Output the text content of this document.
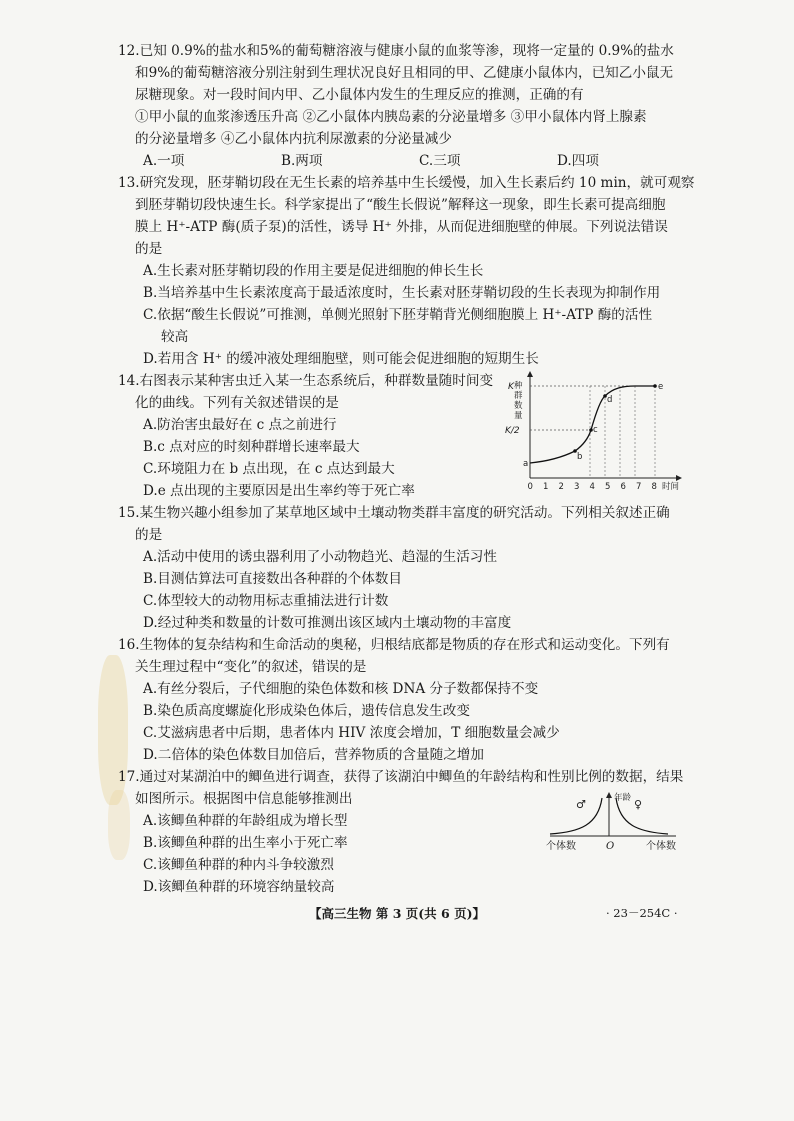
12.已知 0.9%的盐水和5%的葡萄糖溶液与健康小鼠的血浆等渗，现将一定量的 0.9%的盐水
和9%的葡萄糖溶液分别注射到生理状况良好且相同的甲、乙健康小鼠体内，已知乙小鼠无
尿糖现象。对一段时间内甲、乙小鼠体内发生的生理反应的推测，正确的有
①甲小鼠的血浆渗透压升高 ②乙小鼠体内胰岛素的分泌量增多 ③甲小鼠体内肾上腺素
的分泌量增多 ④乙小鼠体内抗利尿激素的分泌量减少
A.一项	B.两项	C.三项	D.四项
13.研究发现，胚芽鞘切段在无生长素的培养基中生长缓慢，加入生长素后约 10 min，就可观察
到胚芽鞘切段快速生长。科学家提出了“酸生长假说”解释这一现象，即生长素可提高细胞
膜上 H⁺-ATP 酶(质子泵)的活性，诱导 H⁺ 外排，从而促进细胞壁的伸展。下列说法错误
的是
A.生长素对胚芽鞘切段的作用主要是促进细胞的伸长生长
B.当培养基中生长素浓度高于最适浓度时，生长素对胚芽鞘切段的生长表现为抑制作用
C.依据“酸生长假说”可推测，单侧光照射下胚芽鞘背光侧细胞膜上 H⁺-ATP 酶的活性
较高
D.若用含 H⁺ 的缓冲液处理细胞壁，则可能会促进细胞的短期生长
14.右图表示某种害虫迁入某一生态系统后，种群数量随时间变
化的曲线。下列有关叙述错误的是
A.防治害虫最好在 c 点之前进行
B.c 点对应的时刻种群增长速率最大
C.环境阻力在 b 点出现，在 c 点达到最大
D.e 点出现的主要原因是出生率约等于死亡率
种
群
数
量
K
K/2
a
b
c
d
e
0 1 2 3 4 5 6 7 8 时间
15.某生物兴趣小组参加了某草地区域中土壤动物类群丰富度的研究活动。下列相关叙述正确
的是
A.活动中使用的诱虫器利用了小动物趋光、趋湿的生活习性
B.目测估算法可直接数出各种群的个体数目
C.体型较大的动物用标志重捕法进行计数
D.经过种类和数量的计数可推测出该区域内土壤动物的丰富度
16.生物体的复杂结构和生命活动的奥秘，归根结底都是物质的存在形式和运动变化。下列有
关生理过程中“变化”的叙述，错误的是
A.有丝分裂后，子代细胞的染色体数和核 DNA 分子数都保持不变
B.染色质高度螺旋化形成染色体后，遗传信息发生改变
C.艾滋病患者中后期，患者体内 HIV 浓度会增加，T 细胞数量会减少
D.二倍体的染色体数目加倍后，营养物质的含量随之增加
17.通过对某湖泊中的鲫鱼进行调查，获得了该湖泊中鲫鱼的年龄结构和性别比例的数据，结果
如图所示。根据图中信息能够推测出
A.该鲫鱼种群的年龄组成为增长型
B.该鲫鱼种群的出生率小于死亡率
C.该鲫鱼种群的种内斗争较激烈
D.该鲫鱼种群的环境容纳量较高
年龄
♂	♀
个体数	O	个体数
【高三生物 第 3 页(共 6 页)】	· 23－254C ·
